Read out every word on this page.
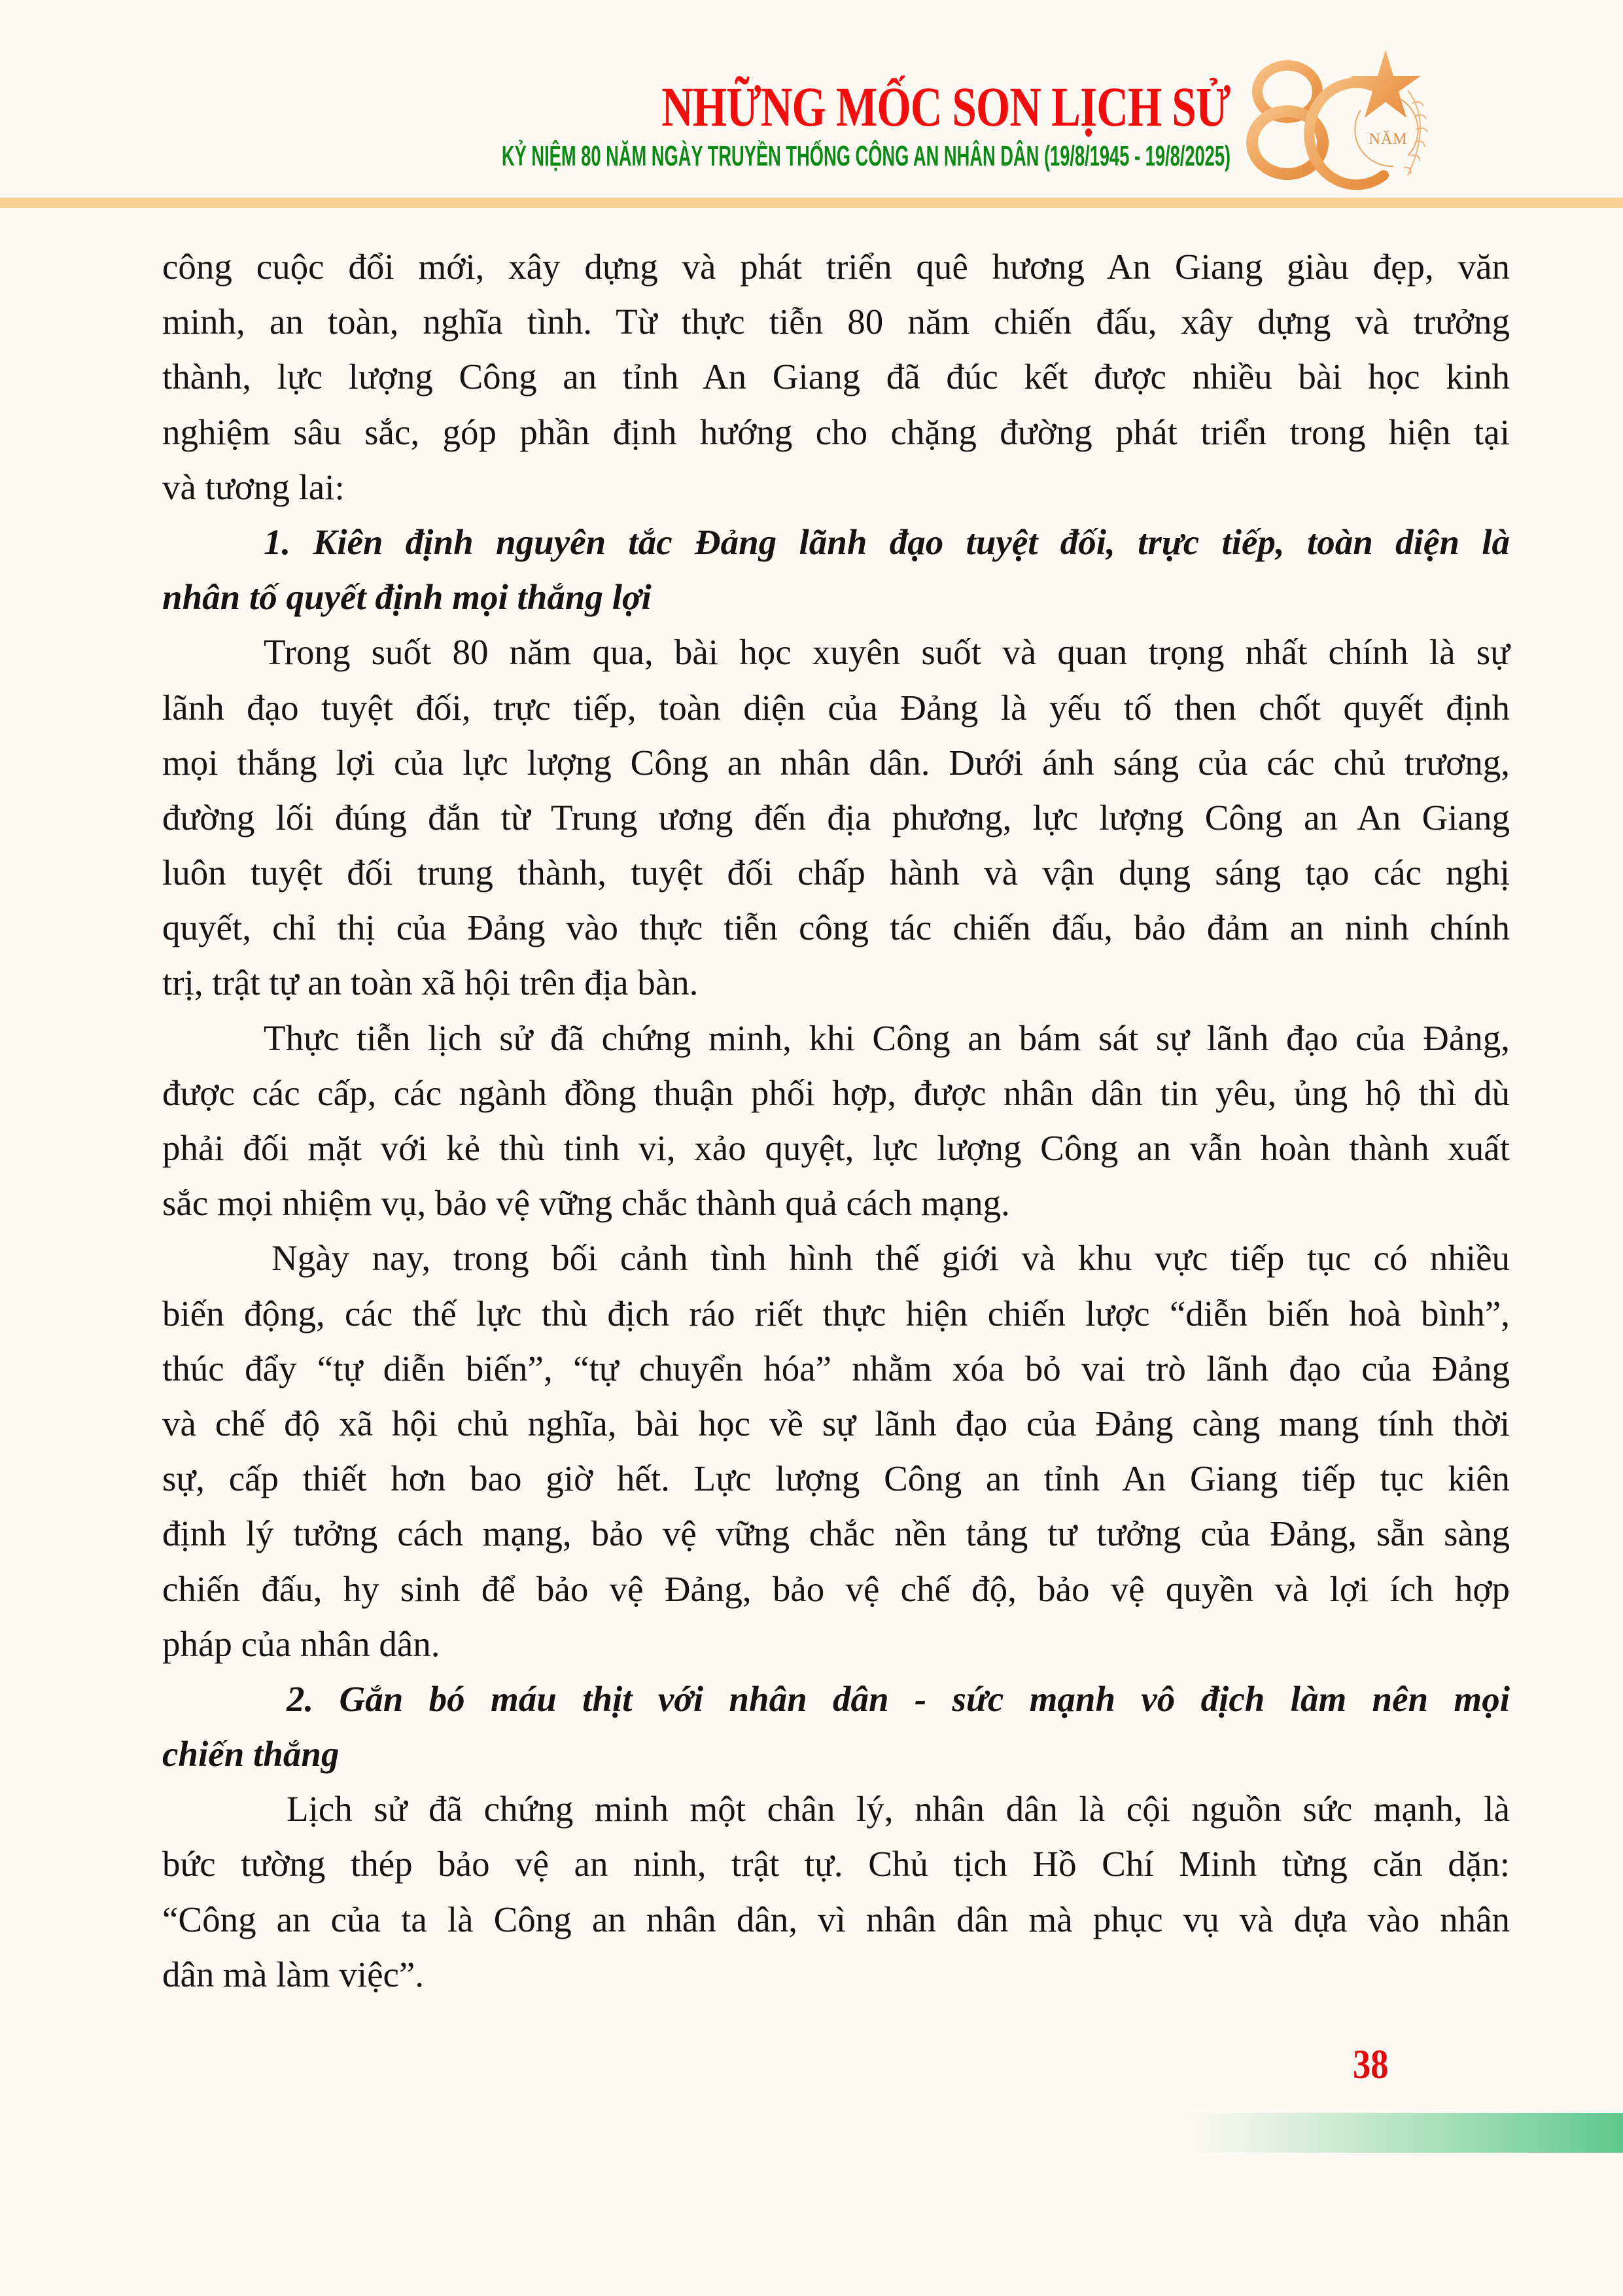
NHỮNG MỐC SON LỊCH SỬ
KỶ NIỆM 80 NĂM NGÀY TRUYỀN THỐNG CÔNG AN NHÂN DÂN (19/8/1945 - 19/8/2025)
NĂM
công cuộc đổi mới, xây dựng và phát triển quê hương An Giang giàu đẹp, văn
minh, an toàn, nghĩa tình. Từ thực tiễn 80 năm chiến đấu, xây dựng và trưởng
thành, lực lượng Công an tỉnh An Giang đã đúc kết được nhiều bài học kinh
nghiệm sâu sắc, góp phần định hướng cho chặng đường phát triển trong hiện tại
và tương lai:
1. Kiên định nguyên tắc Đảng lãnh đạo tuyệt đối, trực tiếp, toàn diện là
nhân tố quyết định mọi thắng lợi
Trong suốt 80 năm qua, bài học xuyên suốt và quan trọng nhất chính là sự
lãnh đạo tuyệt đối, trực tiếp, toàn diện của Đảng là yếu tố then chốt quyết định
mọi thắng lợi của lực lượng Công an nhân dân. Dưới ánh sáng của các chủ trương,
đường lối đúng đắn từ Trung ương đến địa phương, lực lượng Công an An Giang
luôn tuyệt đối trung thành, tuyệt đối chấp hành và vận dụng sáng tạo các nghị
quyết, chỉ thị của Đảng vào thực tiễn công tác chiến đấu, bảo đảm an ninh chính
trị, trật tự an toàn xã hội trên địa bàn.
Thực tiễn lịch sử đã chứng minh, khi Công an bám sát sự lãnh đạo của Đảng,
được các cấp, các ngành đồng thuận phối hợp, được nhân dân tin yêu, ủng hộ thì dù
phải đối mặt với kẻ thù tinh vi, xảo quyệt, lực lượng Công an vẫn hoàn thành xuất
sắc mọi nhiệm vụ, bảo vệ vững chắc thành quả cách mạng.
Ngày nay, trong bối cảnh tình hình thế giới và khu vực tiếp tục có nhiều
biến động, các thế lực thù địch ráo riết thực hiện chiến lược “diễn biến hoà bình”,
thúc đẩy “tự diễn biến”, “tự chuyển hóa” nhằm xóa bỏ vai trò lãnh đạo của Đảng
và chế độ xã hội chủ nghĩa, bài học về sự lãnh đạo của Đảng càng mang tính thời
sự, cấp thiết hơn bao giờ hết. Lực lượng Công an tỉnh An Giang tiếp tục kiên
định lý tưởng cách mạng, bảo vệ vững chắc nền tảng tư tưởng của Đảng, sẵn sàng
chiến đấu, hy sinh để bảo vệ Đảng, bảo vệ chế độ, bảo vệ quyền và lợi ích hợp
pháp của nhân dân.
2. Gắn bó máu thịt với nhân dân - sức mạnh vô địch làm nên mọi
chiến thắng
Lịch sử đã chứng minh một chân lý, nhân dân là cội nguồn sức mạnh, là
bức tường thép bảo vệ an ninh, trật tự. Chủ tịch Hồ Chí Minh từng căn dặn:
“Công an của ta là Công an nhân dân, vì nhân dân mà phục vụ và dựa vào nhân
dân mà làm việc”.
38
